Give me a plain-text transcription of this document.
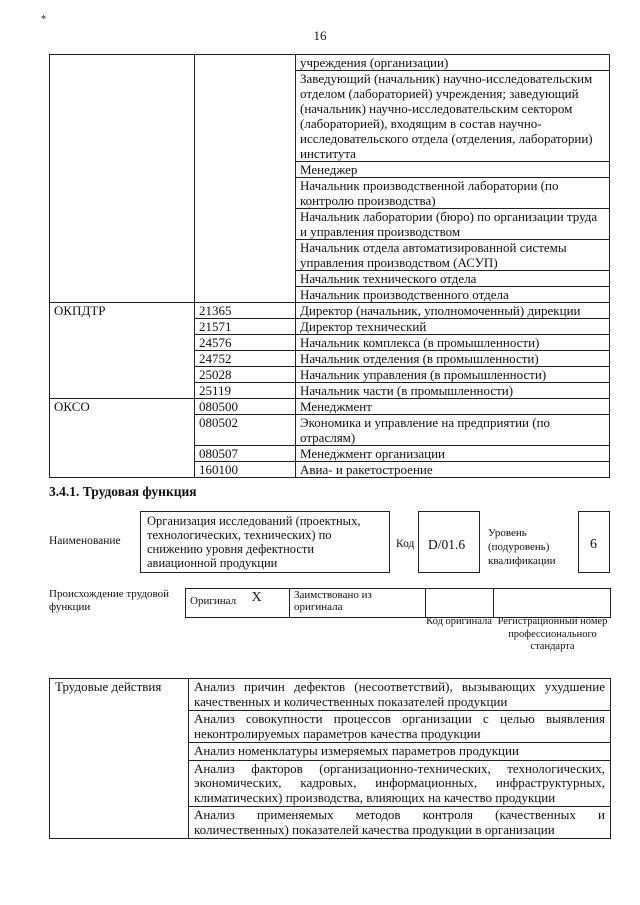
*
16
		учреждения (организации)
		Заведующий (начальник) научно-исследовательским отделом (лабораторией) учреждения; заведующий (начальник) научно-исследовательским сектором (лабораторией), входящим в состав научно-исследовательского отдела (отделения, лаборатории) института
		Менеджер
		Начальник производственной лаборатории (по контролю производства)
		Начальник лаборатории (бюро) по организации труда и управления производством
		Начальник отдела автоматизированной системы управления производством (АСУП)
		Начальник технического отдела
		Начальник производственного отдела
ОКПДТР	21365	Директор (начальник, уполномоченный) дирекции
	21571	Директор технический
	24576	Начальник комплекса (в промышленности)
	24752	Начальник отделения (в промышленности)
	25028	Начальник управления (в промышленности)
	25119	Начальник части (в промышленности)
ОКСО	080500	Менеджмент
	080502	Экономика и управление на предприятии (по отраслям)
	080507	Менеджмент организации
	160100	Авиа- и ракетостроение
3.4.1. Трудовая функция
Наименование
Организация исследований (проектных, технологических, технических) по снижению уровня дефектности авиационной продукции
Код	D/01.6
Уровень (подуровень) квалификации
6
Происхождение трудовой функции	Оригинал	X	Заимствовано из оригинала		
Код оригинала Регистрационный номер профессионального стандарта
Трудовые действия	Анализ причин дефектов (несоответствий), вызывающих ухудшение качественных и количественных показателей продукции
Анализ совокупности процессов организации с целью выявления неконтролируемых параметров качества продукции
Анализ номенклатуры измеряемых параметров продукции
Анализ факторов (организационно-технических, технологических, экономических, кадровых, информационных, инфраструктурных, климатических) производства, влияющих на качество продукции
Анализ применяемых методов контроля (качественных и количественных) показателей качества продукции в организации
